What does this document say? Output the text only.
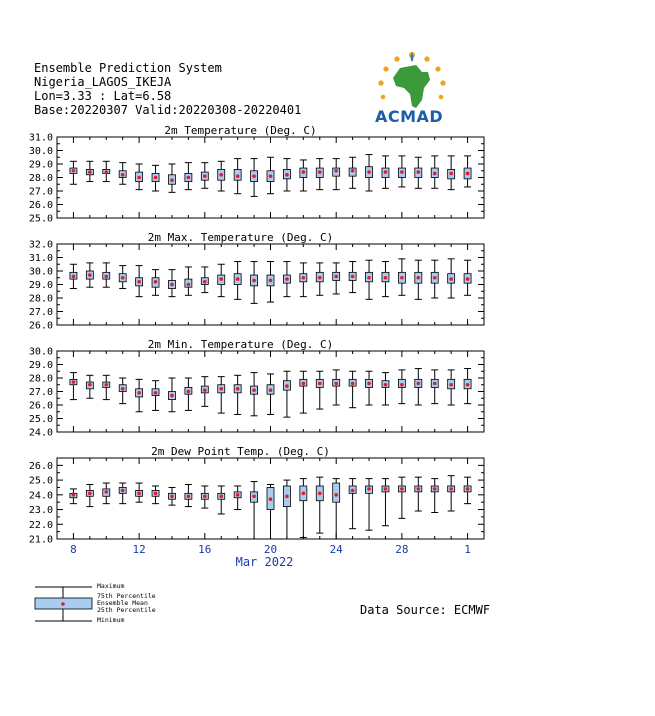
Ensemble Prediction System
Nigeria_LAGOS_IKEJA
Lon=3.33 : Lat=6.58
Base:20220307 Valid:20220308-20220401	ACMAD
2m Temperature (Deg. C)
25.0
26.0
27.0
28.0
29.0
30.0
31.0
2m Max. Temperature (Deg. C)
26.0
27.0
28.0
29.0
30.0
31.0
32.0
2m Min. Temperature (Deg. C)
24.0
25.0
26.0
27.0
28.0
29.0
30.0
2m Dew Point Temp. (Deg. C)
21.0
22.0
23.0
24.0
25.0
26.0
8	12	16	20	24	28	1
Mar 2022
Maximum
75th Percentile
Ensemble Mean
25th Percentile
Minimum
Data Source: ECMWF
